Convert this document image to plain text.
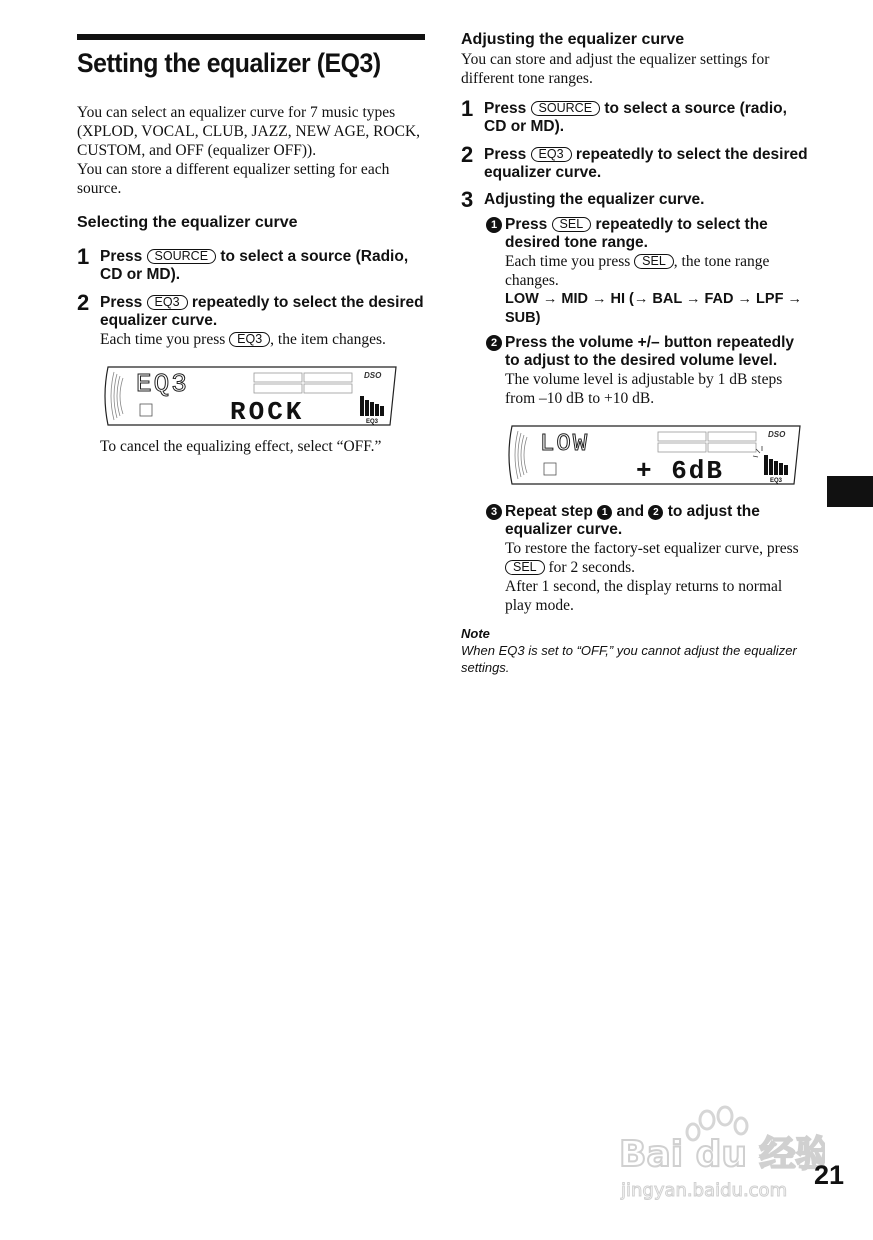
Setting the equalizer (EQ3)

You can select an equalizer curve for 7 music types (XPLOD, VOCAL, CLUB, JAZZ, NEW AGE, ROCK, CUSTOM, and OFF (equalizer OFF)).

You can store a different equalizer setting for each source.

Selecting the equalizer curve
1 Press SOURCE to select a source (Radio, CD or MD).
2 Press EQ3 repeatedly to select the desired equalizer curve.

Each time you press EQ3 , the item changes.

DSO
EQ3
ROCK	EQ3

To cancel the equalizing effect, select “OFF.”

Adjusting the equalizer curve

You can store and adjust the equalizer settings for different tone ranges.

1 Press SOURCE to select a source (radio, CD or MD).
2 Press EQ3 repeatedly to select the desired equalizer curve.
3 Adjusting the equalizer curve.
1 Press SEL repeatedly to select the desired tone range.

Each time you press SEL , the tone range changes.

LOW → MID → HI (→ BAL → FAD → LPF → SUB)
2 Press the volume +/– button repeatedly to adjust to the desired volume level.

The volume level is adjustable by 1 dB steps from –10 dB to +10 dB.

DSO
LOW
+ 6dB	EQ3
3 Repeat step 1 and 2 to adjust the equalizer curve.

To restore the factory-set equalizer curve, press SEL for 2 seconds.

After 1 second, the display returns to normal play mode.

Note
When EQ3 is set to “OFF,” you cannot adjust the equalizer settings.
Bai du 经验
jingyan.baidu.com
21
